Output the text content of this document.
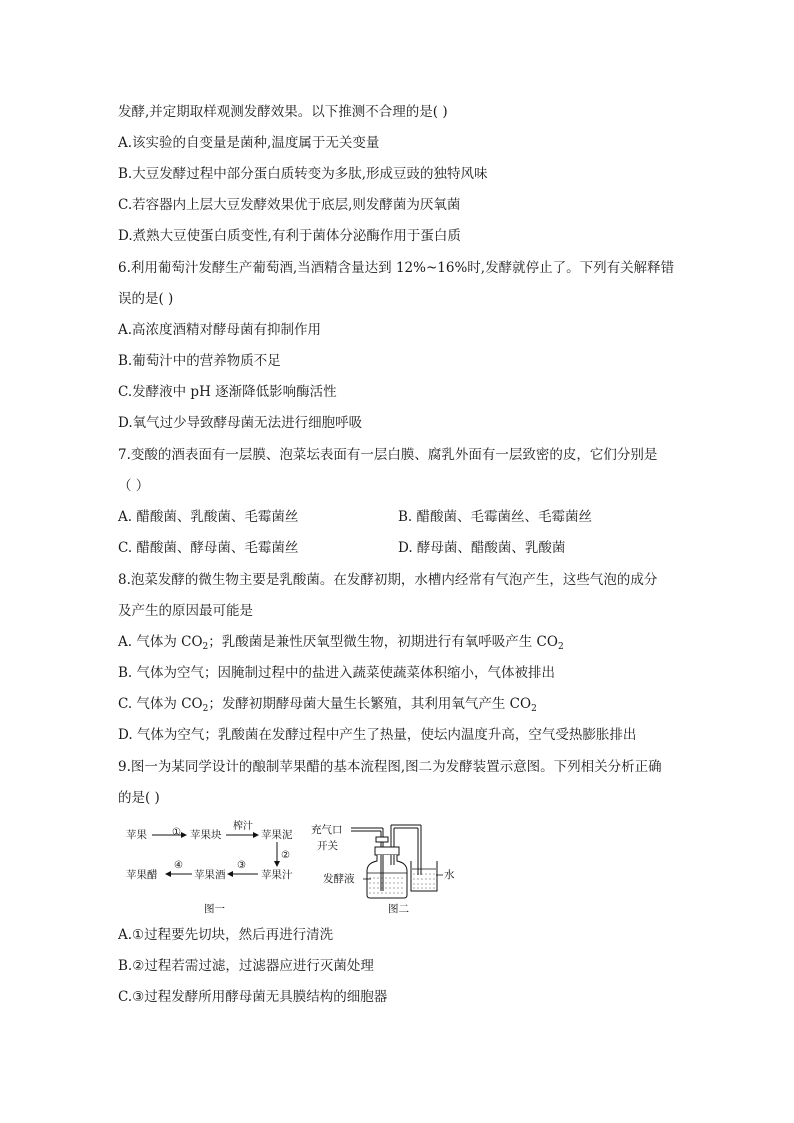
发酵,并定期取样观测发酵效果。以下推测不合理的是( )
A.该实验的自变量是菌种,温度属于无关变量
B.大豆发酵过程中部分蛋白质转变为多肽,形成豆豉的独特风味
C.若容器内上层大豆发酵效果优于底层,则发酵菌为厌氧菌
D.煮熟大豆使蛋白质变性,有利于菌体分泌酶作用于蛋白质
6.利用葡萄汁发酵生产葡萄酒,当酒精含量达到 12%~16%时,发酵就停止了。下列有关解释错
误的是( )
A.高浓度酒精对酵母菌有抑制作用
B.葡萄汁中的营养物质不足
C.发酵液中 pH 逐渐降低影响酶活性
D.氧气过少导致酵母菌无法进行细胞呼吸
7.变酸的酒表面有一层膜、泡菜坛表面有一层白膜、腐乳外面有一层致密的皮，它们分别是
（ ）
A. 醋酸菌、乳酸菌、毛霉菌丝	B. 醋酸菌、毛霉菌丝、毛霉菌丝
C. 醋酸菌、酵母菌、毛霉菌丝	D. 酵母菌、醋酸菌、乳酸菌
8.泡菜发酵的微生物主要是乳酸菌。在发酵初期，水槽内经常有气泡产生，这些气泡的成分
及产生的原因最可能是
A. 气体为 $CO_2$；乳酸菌是兼性厌氧型微生物，初期进行有氧呼吸产生 $CO_2$
B. 气体为空气；因腌制过程中的盐进入蔬菜使蔬菜体积缩小，气体被排出
C. 气体为 $CO_2$；发酵初期酵母菌大量生长繁殖，其利用氧气产生 $CO_2$
D. 气体为空气；乳酸菌在发酵过程中产生了热量，使坛内温度升高，空气受热膨胀排出
9.图一为某同学设计的酿制苹果醋的基本流程图,图二为发酵装置示意图。下列相关分析正确
的是( )
苹果	① 苹果块
榨汁
苹果泥
②
苹果汁
③
苹果酒
④
苹果醋
图一
充气口
开关
发酵液	水
图二
A.①过程要先切块，然后再进行清洗
B.②过程若需过滤，过滤器应进行灭菌处理
C.③过程发酵所用酵母菌无具膜结构的细胞器
